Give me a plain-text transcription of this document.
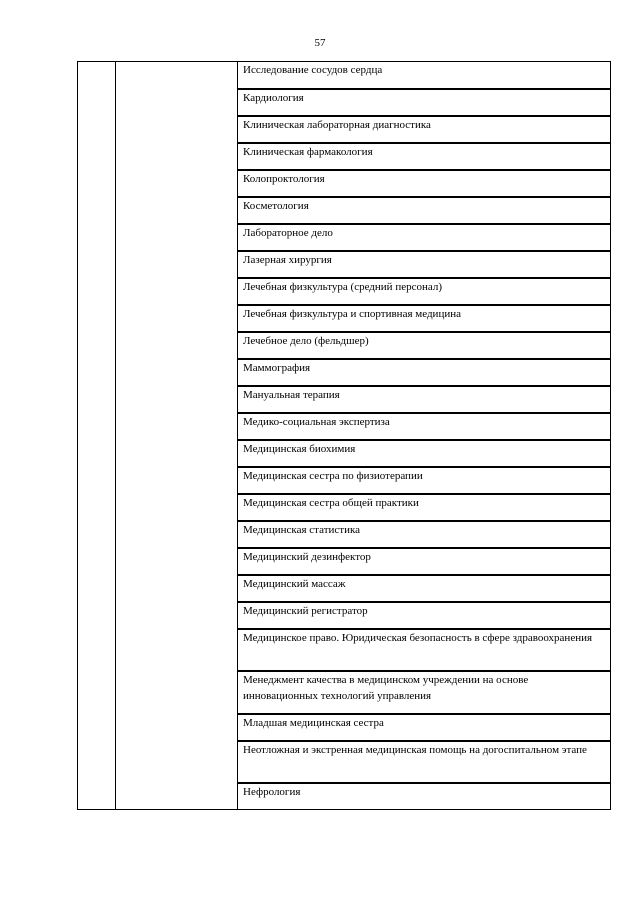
57

Исследование сосудов сердца

Кардиология

Клиническая лабораторная диагностика

Клиническая фармакология

Колопроктология

Косметология

Лабораторное дело

Лазерная хирургия

Лечебная физкультура (средний персонал)

Лечебная физкультура и спортивная медицина

Лечебное дело (фельдшер)

Маммография

Мануальная терапия

Медико-социальная экспертиза

Медицинская биохимия

Медицинская сестра по физиотерапии

Медицинская сестра общей практики

Медицинская статистика

Медицинский дезинфектор

Медицинский массаж

Медицинский регистратор

Медицинское право. Юридическая безопасность в сфере здравоохранения

Менеджмент качества в медицинском учреждении на основе инновационных технологий управления

Младшая медицинская сестра

Неотложная и экстренная медицинская помощь на догоспитальном этапе

Нефрология
